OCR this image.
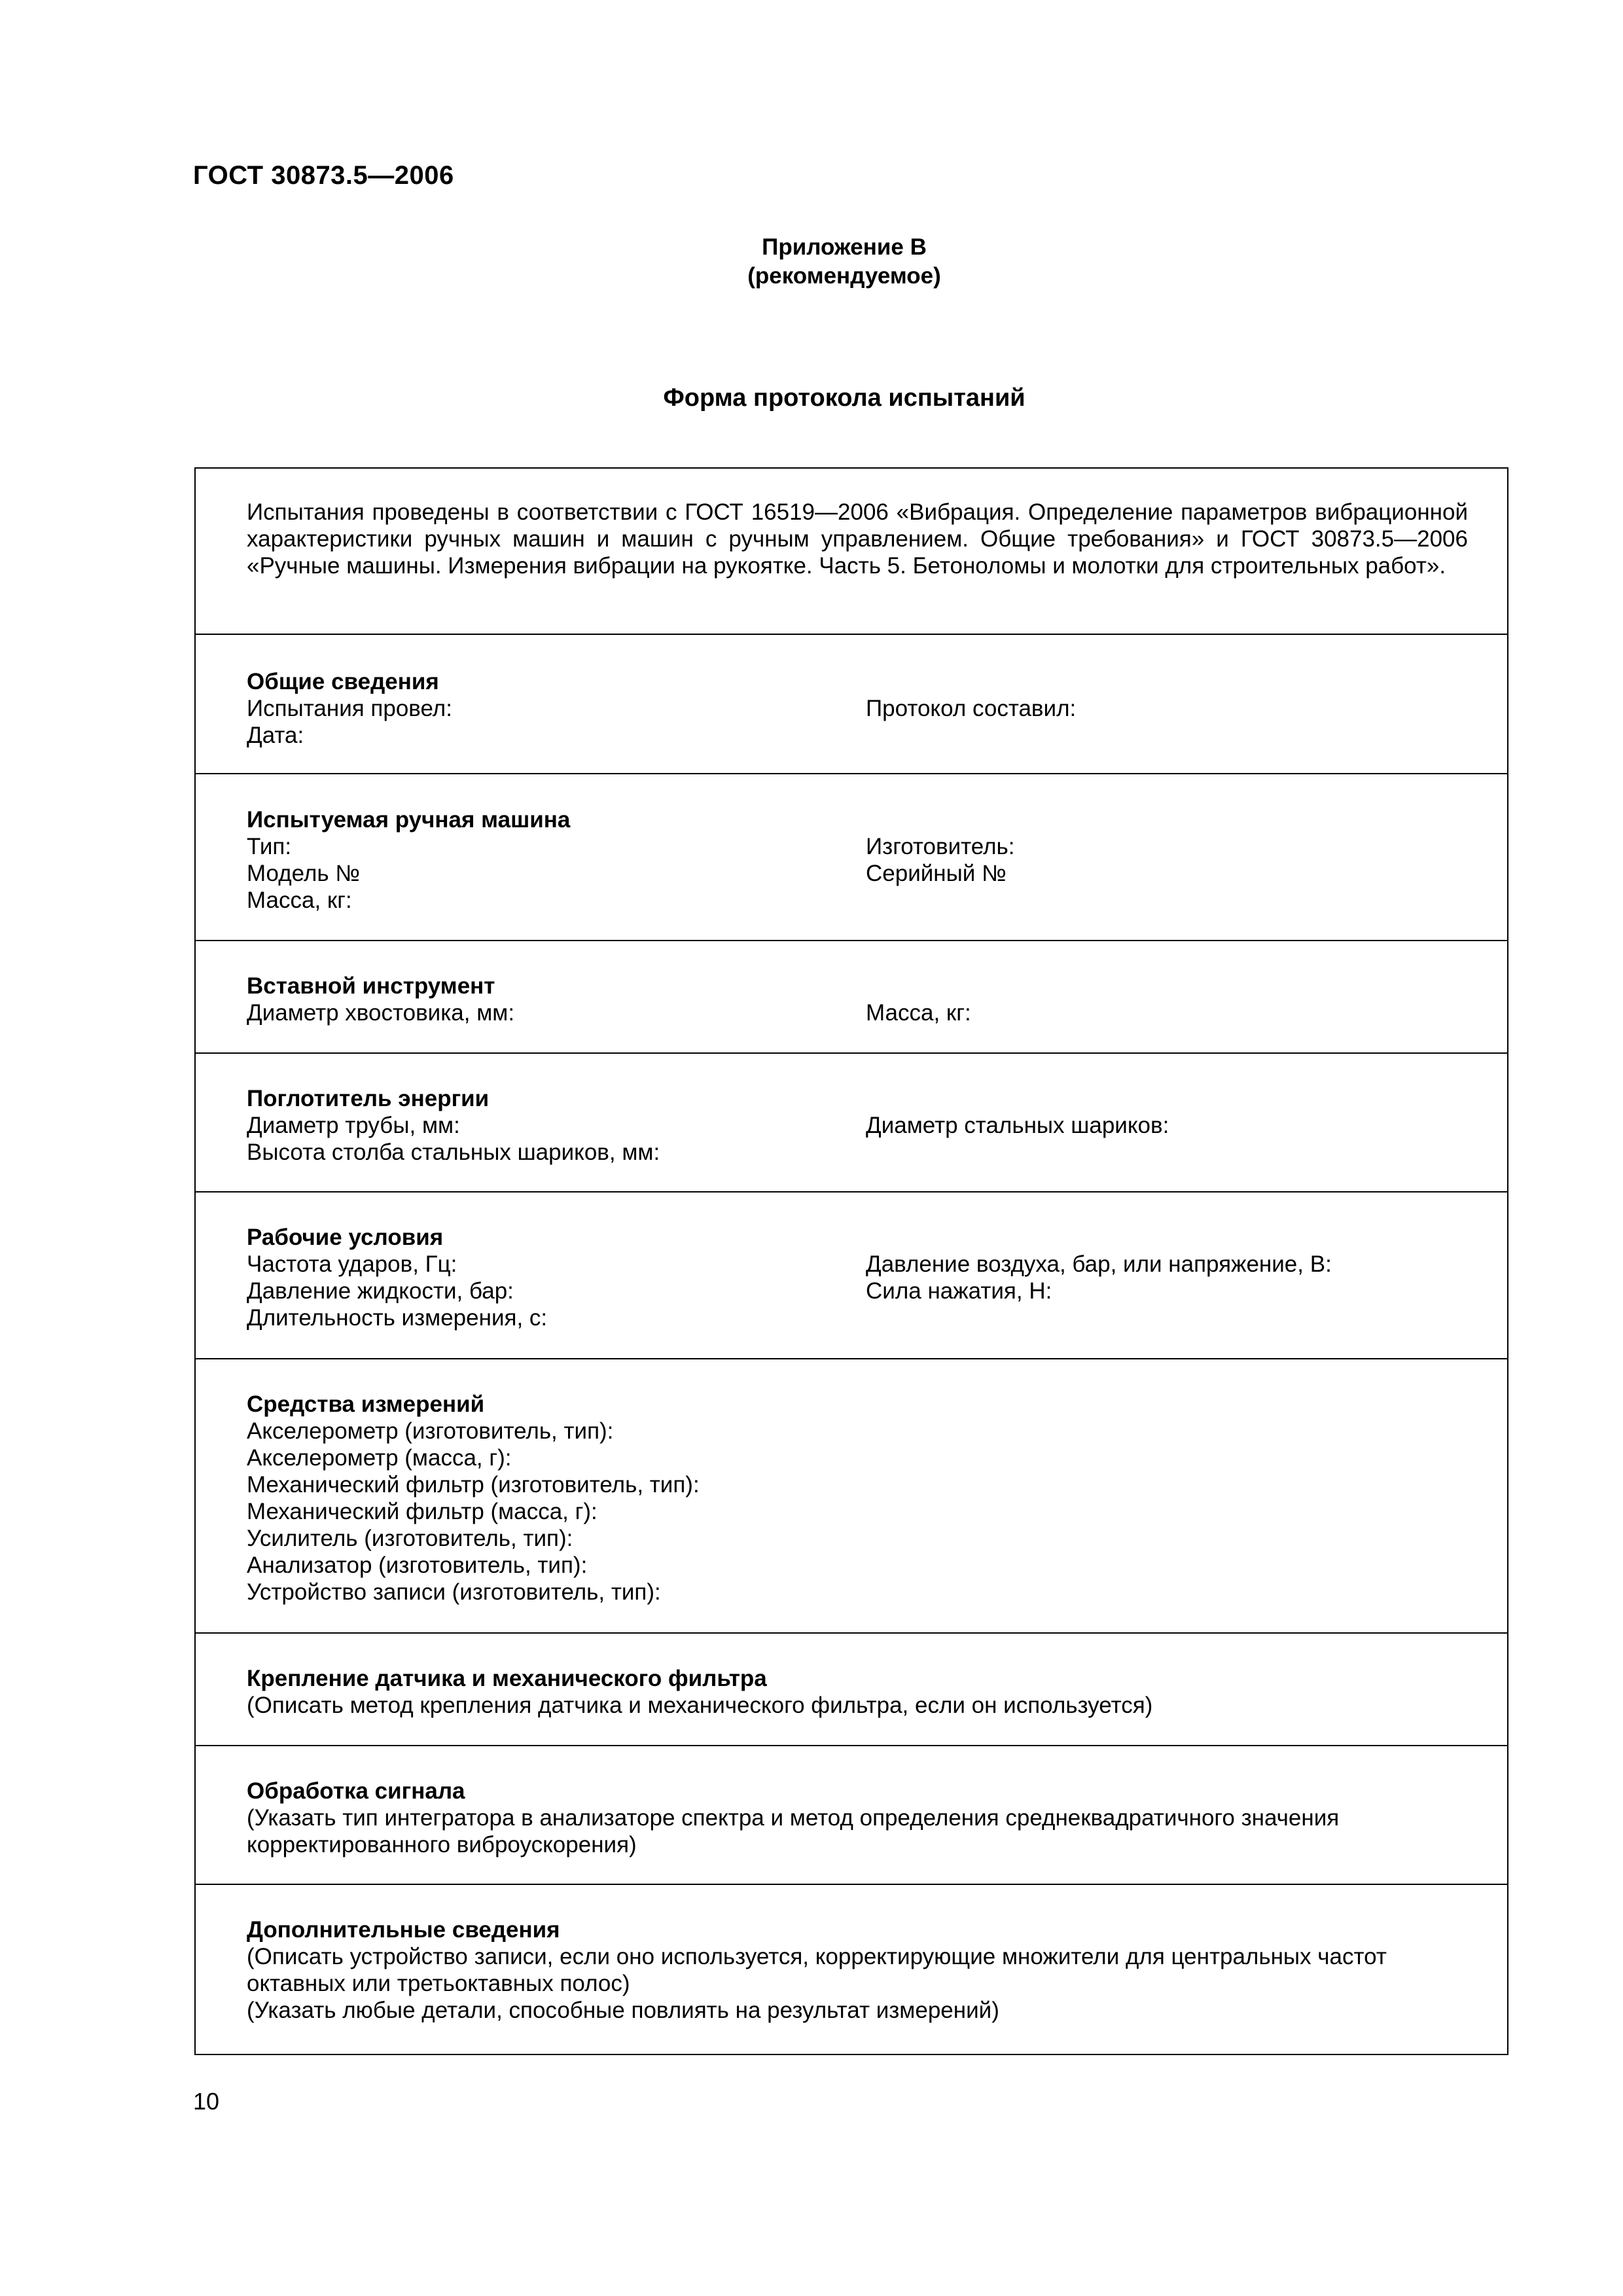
ГОСТ 30873.5—2006
Приложение В
(рекомендуемое)
Форма протокола испытаний
Испытания проведены в соответствии с ГОСТ 16519—2006 «Вибрация. Определение параметров вибрационной характеристики ручных машин и машин с ручным управлением. Общие требования» и ГОСТ 30873.5—2006 «Ручные машины. Измерения вибрации на рукоятке. Часть 5. Бетоноломы и молотки для строительных работ».
Общие сведения
Испытания провел:
Дата:
Протокол составил:
Испытуемая ручная машина
Тип:
Модель №
Масса, кг:
Изготовитель:
Серийный №
Вставной инструмент
Диаметр хвостовика, мм:	Масса, кг:
Поглотитель энергии
Диаметр трубы, мм:
Высота столба стальных шариков, мм:
Диаметр стальных шариков:
Рабочие условия
Частота ударов, Гц:
Давление жидкости, бар:
Длительность измерения, с:
Давление воздуха, бар, или напряжение, В:
Сила нажатия, Н:
Средства измерений
Акселерометр (изготовитель, тип):
Акселерометр (масса, г):
Механический фильтр (изготовитель, тип):
Механический фильтр (масса, г):
Усилитель (изготовитель, тип):
Анализатор (изготовитель, тип):
Устройство записи (изготовитель, тип):
Крепление датчика и механического фильтра
(Описать метод крепления датчика и механического фильтра, если он используется)
Обработка сигнала
(Указать тип интегратора в анализаторе спектра и метод определения среднеквадратичного значения корректированного виброускорения)
Дополнительные сведения
(Описать устройство записи, если оно используется, корректирующие множители для центральных частот октавных или третьоктавных полос)
(Указать любые детали, способные повлиять на результат измерений)
10
